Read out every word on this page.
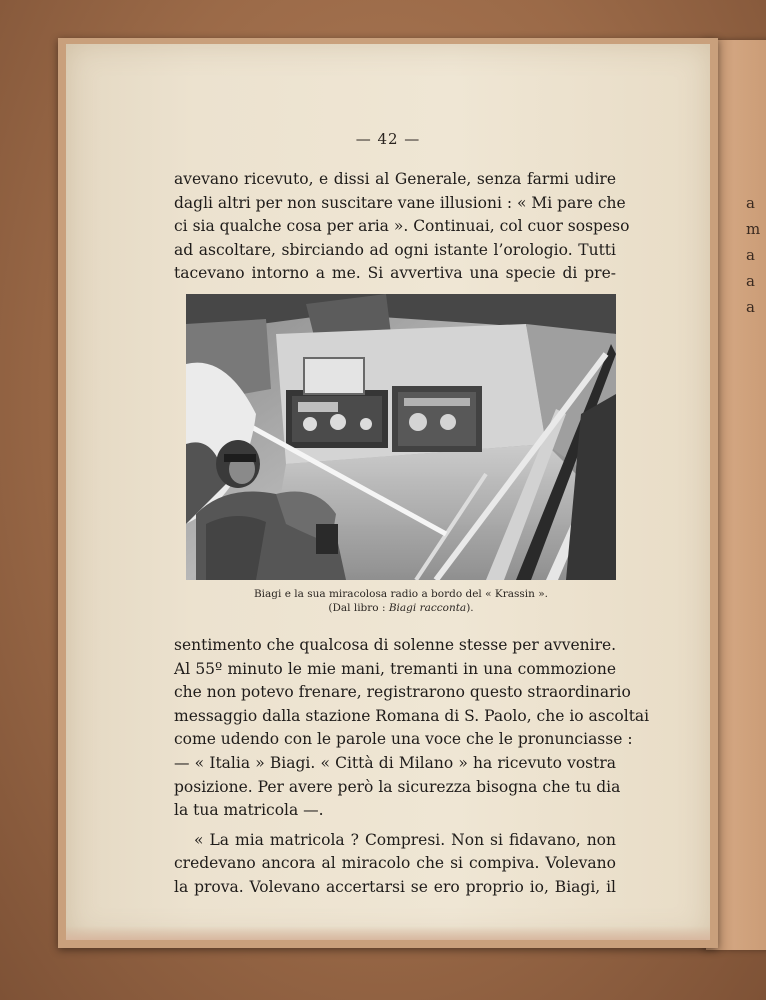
a
m
a
a
a
— 42 —
avevano ricevuto, e dissi al Generale, senza farmi udire
dagli altri per non suscitare vane illusioni : « Mi pare che
ci sia qualche cosa per aria ». Continuai, col cuor sospeso
ad ascoltare, sbirciando ad ogni istante l’orologio. Tutti
tacevano intorno a me. Si avvertiva una specie di pre-
Biagi e la sua miracolosa radio a bordo del « Krassin ».
(Dal libro : Biagi racconta).
sentimento che qualcosa di solenne stesse per avvenire.
Al 55º minuto le mie mani, tremanti in una commozione
che non potevo frenare, registrarono questo straordinario
messaggio dalla stazione Romana di S. Paolo, che io ascoltai
come udendo con le parole una voce che le pronunciasse :
— « Italia » Biagi. « Città di Milano » ha ricevuto vostra
posizione. Per avere però la sicurezza bisogna che tu dia
la tua matricola —.
« La mia matricola ? Compresi. Non si fidavano, non
credevano ancora al miracolo che si compiva. Volevano
la prova. Volevano accertarsi se ero proprio io, Biagi, il
